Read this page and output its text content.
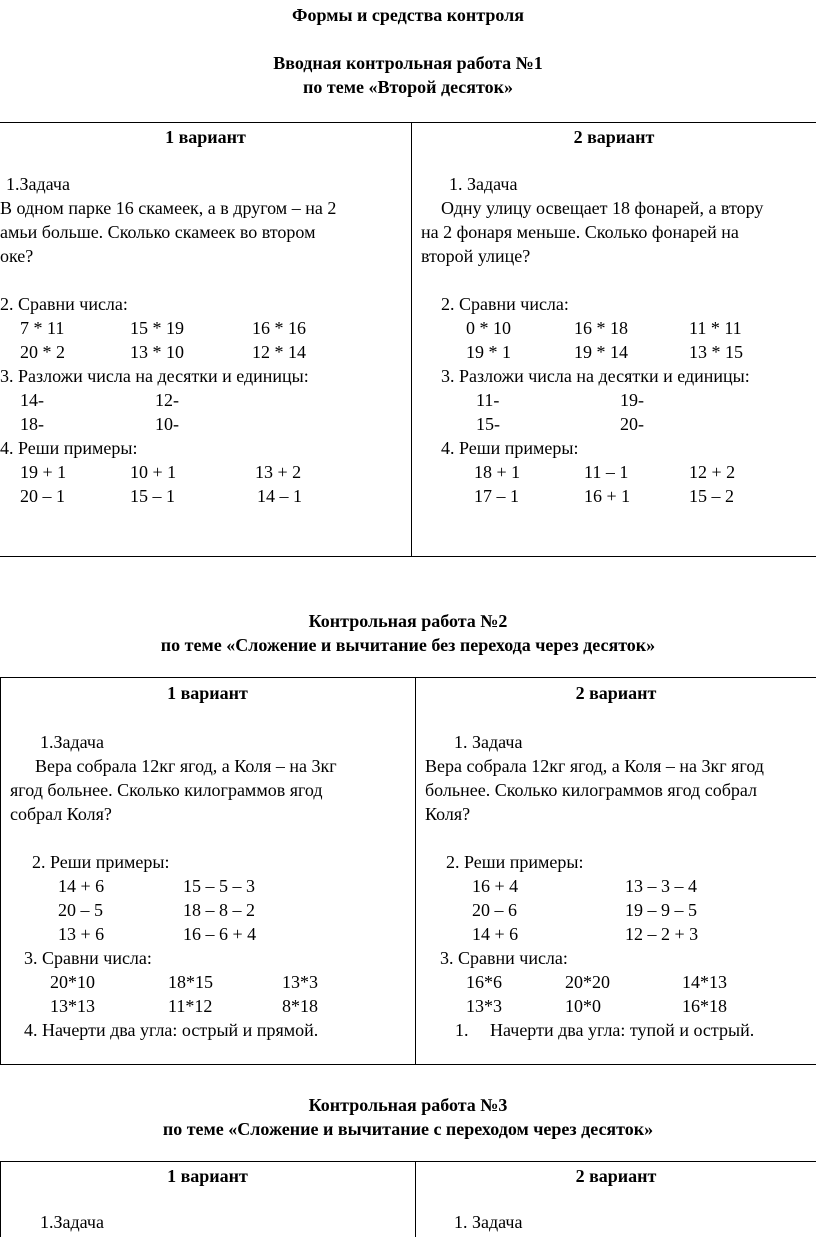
Формы и средства контроля
Вводная контрольная работа №1
по теме «Второй десяток»
1 вариант
1.Задача
В одном парке 16 скамеек, а в другом – на 2
амьи больше. Сколько скамеек во втором
оке?
2. Сравни числа:
7 * 11	15 * 19	16 * 16
20 * 2	13 * 10	12 * 14
3. Разложи числа на десятки и единицы:
14-	12-
18-	10-
4. Реши примеры:
19 + 1	10 + 1	13 + 2
20 – 1	15 – 1	14 – 1
2 вариант
1. Задача
Одну улицу освещает 18 фонарей, а втору
на 2 фонаря меньше. Сколько фонарей на
второй улице?
2. Сравни числа:
0 * 10	16 * 18	11 * 11
19 * 1	19 * 14	13 * 15
3. Разложи числа на десятки и единицы:
11-	19-
15-	20-
4. Реши примеры:
18 + 1	11 – 1	12 + 2
17 – 1	16 + 1	15 – 2
Контрольная работа №2
по теме «Сложение и вычитание без перехода через десяток»
1 вариант
1.Задача
Вера собрала 12кг ягод, а Коля – на 3кг
ягод больнее. Сколько килограммов ягод
собрал Коля?
2. Реши примеры:
14 + 6	15 – 5 – 3
20 – 5	18 – 8 – 2
13 + 6	16 – 6 + 4
3. Сравни числа:
20*10	18*15	13*3
13*13	11*12	8*18
4. Начерти два угла: острый и прямой.
2 вариант
1. Задача
Вера собрала 12кг ягод, а Коля – на 3кг ягод
больнее. Сколько килограммов ягод собрал
Коля?
2. Реши примеры:
16 + 4	13 – 3 – 4
20 – 6	19 – 9 – 5
14 + 6	12 – 2 + 3
3. Сравни числа:
16*6	20*20	14*13
13*3	10*0	16*18
1. Начерти два угла: тупой и острый.
Контрольная работа №3
по теме «Сложение и вычитание с переходом через десяток»
1 вариант
1.Задача
2 вариант
1. Задача
